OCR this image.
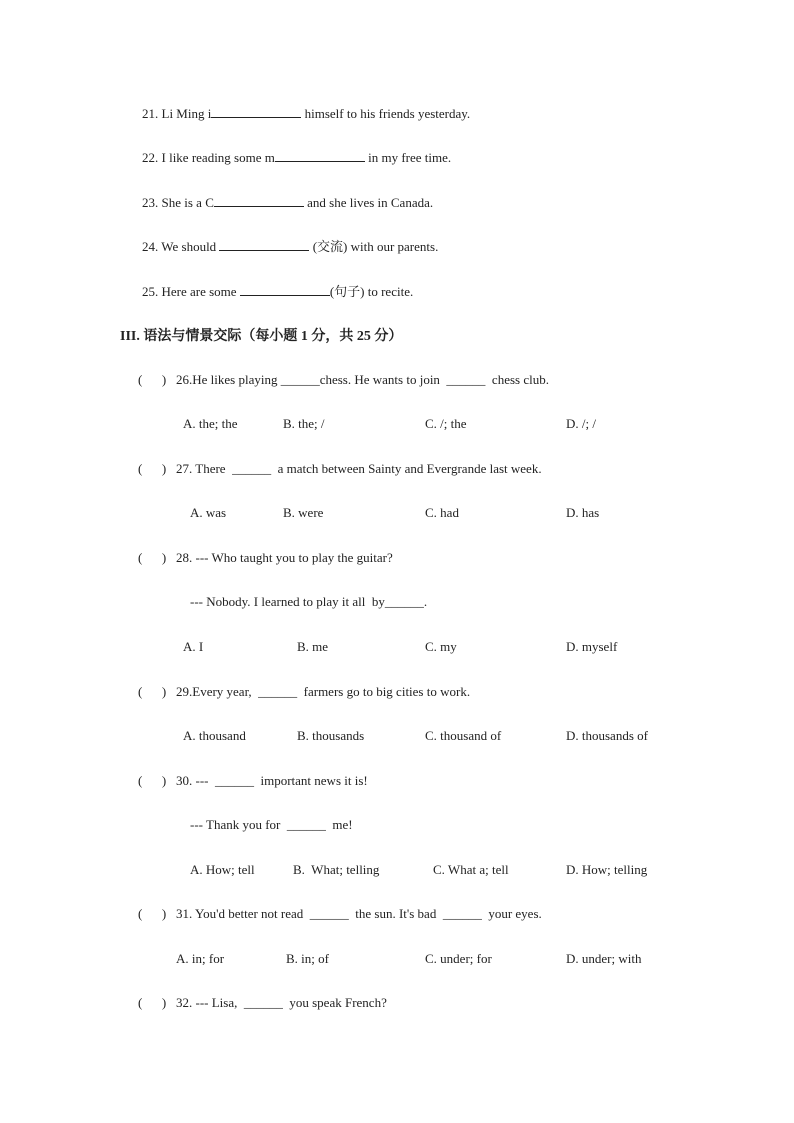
21. Li Ming i	himself to his friends yesterday.
22. I like reading some m	in my free time.
23. She is a C	and she lives in Canada.
24. We should	(交流) with our parents.
25. Here are some	(句子) to recite.
III. 语法与情景交际（每小题 1 分，共 25 分）
(      ) 26.He likes playing ______chess. He wants to join  ______  chess club.
A. the; the	B. the; /	C. /; the	D. /; /
(      ) 27. There  ______  a match between Sainty and Evergrande last week.
A. was	B. were	C. had	D. has
(      ) 28. --- Who taught you to play the guitar?
--- Nobody. I learned to play it all  by______.
A. I	B. me	C. my	D. myself
(      ) 29.Every year,  ______  farmers go to big cities to work.
A. thousand	B. thousands	C. thousand of	D. thousands of
(      ) 30. ---  ______  important news it is!
--- Thank you for  ______  me!
A. How; tell	B.  What; telling	C. What a; tell	D. How; telling
(      ) 31. You'd better not read  ______  the sun. It's bad  ______  your eyes.
A. in; for	B. in; of	C. under; for	D. under; with
(      ) 32. --- Lisa,  ______  you speak French?
